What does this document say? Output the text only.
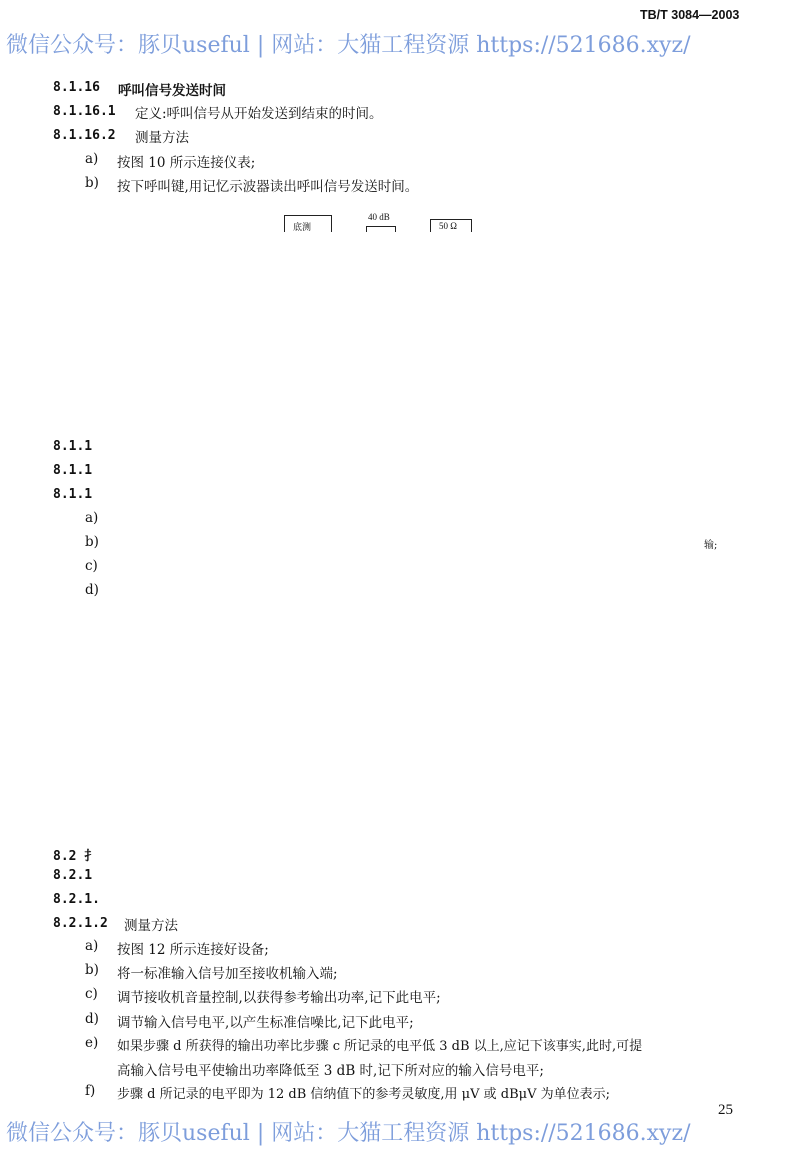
TB/T 3084—2003
微信公众号：豚贝useful | 网站：大猫工程资源 https://521686.xyz/
8.1.16 呼叫信号发送时间
8.1.16.1 定义:呼叫信号从开始发送到结束的时间。
8.1.16.2 测量方法
a) 按图 10 所示连接仪表;
b) 按下呼叫键,用记忆示波器读出呼叫信号发送时间。
底测
40 dB
50 Ω
8.1.1
8.1.1
8.1.1
a)
b)	输;
c)
d)
8.2 扌
8.2.1
8.2.1.
8.2.1.2 测量方法
a) 按图 12 所示连接好设备;
b) 将一标准输入信号加至接收机输入端;
c) 调节接收机音量控制,以获得参考输出功率,记下此电平;
d) 调节输入信号电平,以产生标准信噪比,记下此电平;
e) 如果步骤 d 所获得的输出功率比步骤 c 所记录的电平低 3 dB 以上,应记下该事实,此时,可提
高输入信号电平使输出功率降低至 3 dB 时,记下所对应的输入信号电平;
f) 步骤 d 所记录的电平即为 12 dB 信纳值下的参考灵敏度,用 μV 或 dBμV 为单位表示;
25
微信公众号：豚贝useful | 网站：大猫工程资源 https://521686.xyz/
